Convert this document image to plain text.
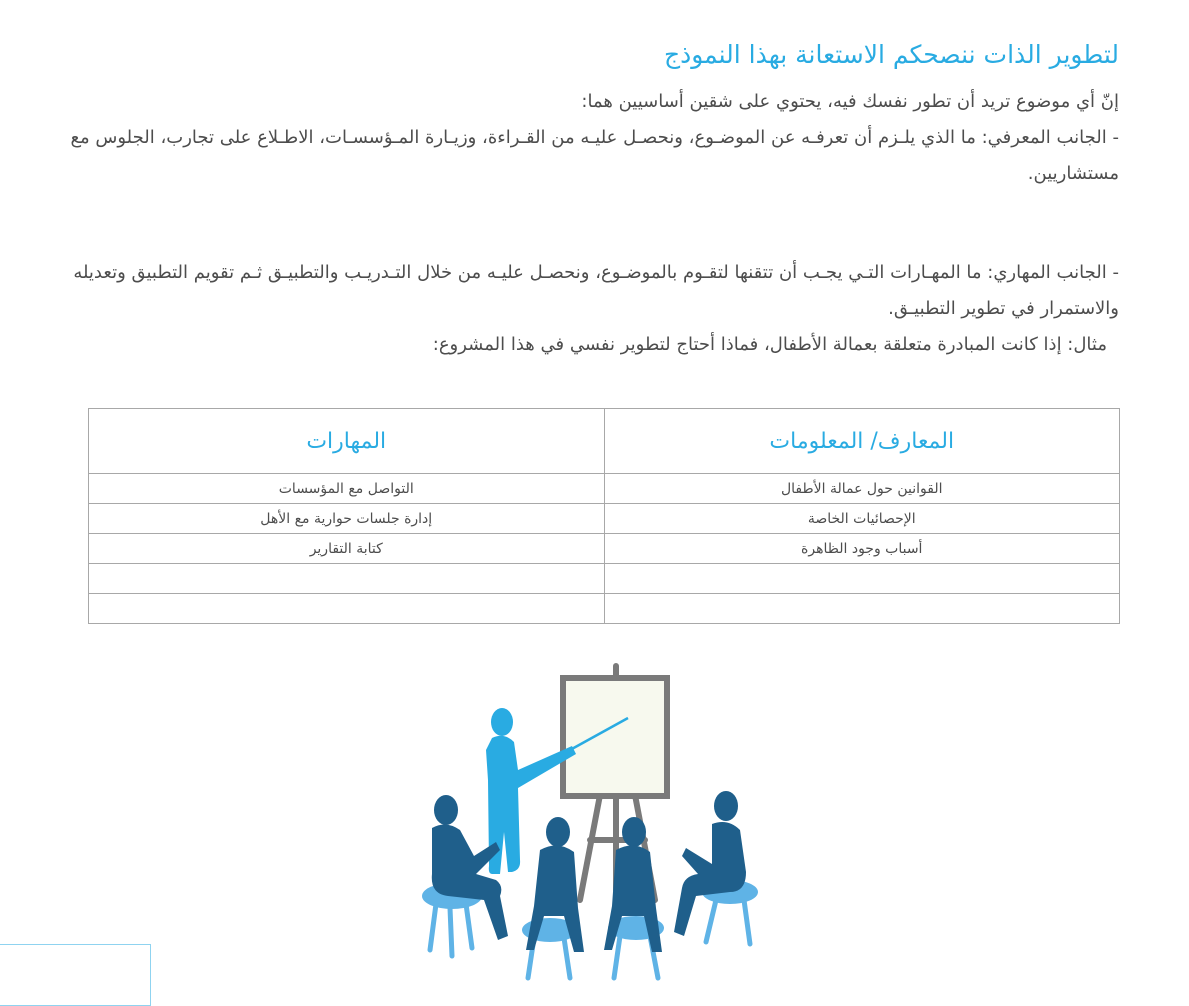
لتطوير الذات ننصحكم الاستعانة بهذا النموذج

إنّ أي موضوع تريد أن تطور نفسك فيه، يحتوي على شقين أساسيين هما:

- الجانب المعرفي: ما الذي يلـزم أن تعرفـه عن الموضـوع، ونحصـل عليـه من القـراءة، وزيـارة المـؤسسـات، الاطـلاع على تجارب، الجلوس مع مستشاريين.

- الجانب المهاري: ما المهـارات التـي يجـب أن تتقنها لتقـوم بالموضـوع، ونحصـل عليـه من خلال التـدريـب والتطبيـق ثـم تقويم التطبيق وتعديله والاستمرار في تطوير التطبيـق.

مثال: إذا كانت المبادرة متعلقة بعمالة الأطفال، فماذا أحتاج لتطوير نفسي في هذا المشروع:

المعارف/ المعلومات	المهارات
القوانين حول عمالة الأطفال	التواصل مع المؤسسات
الإحصائيات الخاصة	إدارة جلسات حوارية مع الأهل
أسباب وجود الظاهرة	كتابة التقارير
